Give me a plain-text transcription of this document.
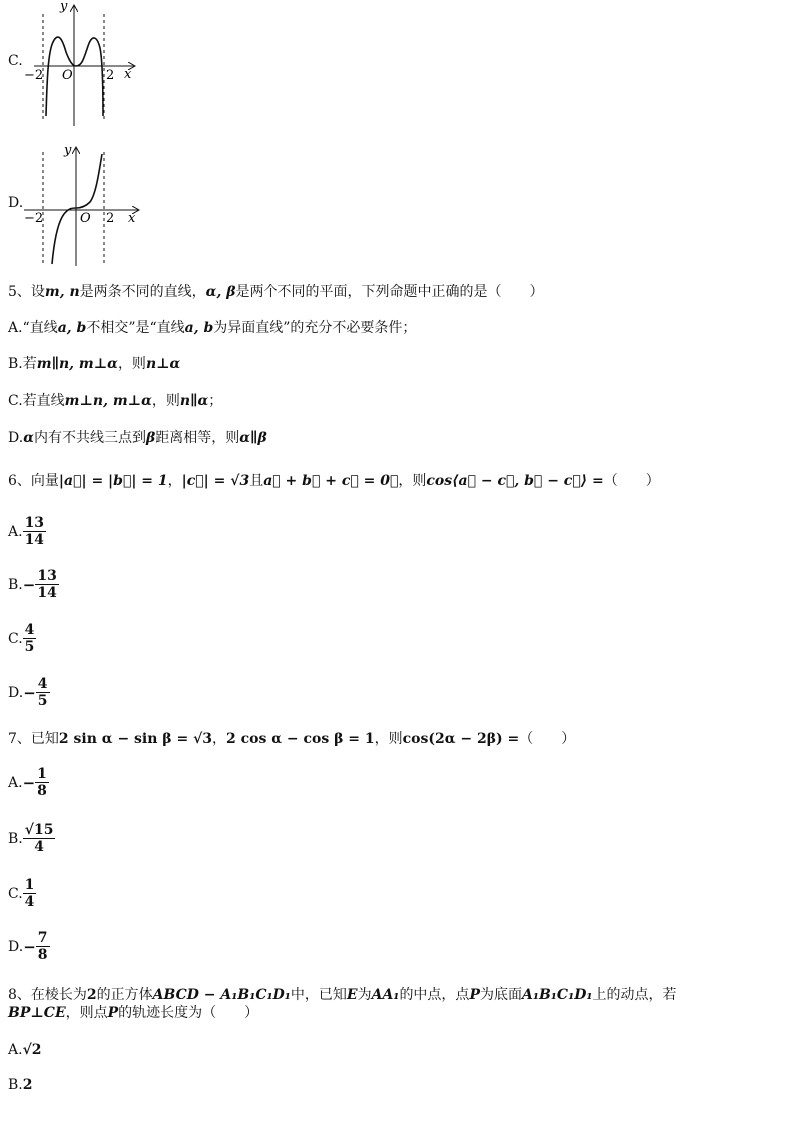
C.
y
x
O
−2	2
D.
y
x
O
−2	2
5、设m, n是两条不同的直线，α, β是两个不同的平面，下列命题中正确的是（　　）
A.“直线a, b不相交”是“直线a, b为异面直线”的充分不必要条件；
B.若m∥n, m⊥α，则n⊥α
C.若直线m⊥n, m⊥α，则n∥α；
D.α内有不共线三点到β距离相等，则α∥β
6、向量|a⃗| = |b⃗| = 1，|c⃗| = √3且a⃗ + b⃗ + c⃗ = 0⃗，则cos⟨a⃗ − c⃗, b⃗ − c⃗⟩ =（　　）
A. $\frac{13}{14}$
$B.- \frac{13}{14}$
C. $\frac{4}{5}$
$D.- \frac{4}{5}$
7、已知2 sin α − sin β = √3，2 cos α − cos β = 1，则cos(2α − 2β) =（　　）
$A.- \frac{1}{8}$
B. $\frac{√15}{4}$
C. $\frac{1}{4}$
$D.- \frac{7}{8}$
8、在棱长为2的正方体ABCD − A₁B₁C₁D₁中，已知E为AA₁的中点，点P为底面A₁B₁C₁D₁上的动点，若
BP⊥CE，则点P的轨迹长度为（　　）
A.√2
B.2
